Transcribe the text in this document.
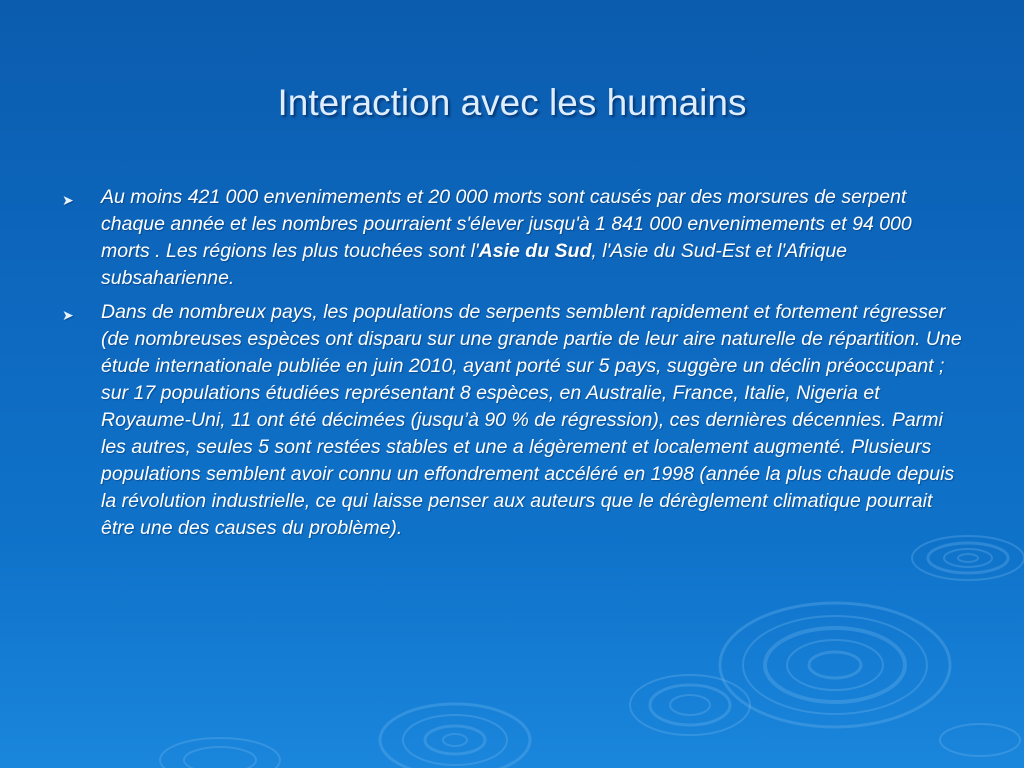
Interaction avec les humains
➤ Au moins 421 000 envenimements et 20 000 morts sont causés par des morsures de serpent chaque année et les nombres pourraient s'élever jusqu'à 1 841 000 envenimements et 94 000 morts . Les régions les plus touchées sont l'Asie du Sud, l'Asie du Sud-Est et l'Afrique subsaharienne.
➤ Dans de nombreux pays, les populations de serpents semblent rapidement et fortement régresser (de nombreuses espèces ont disparu sur une grande partie de leur aire naturelle de répartition. Une étude internationale publiée en juin 2010, ayant porté sur 5 pays, suggère un déclin préoccupant ; sur 17 populations étudiées représentant 8 espèces, en Australie, France, Italie, Nigeria et Royaume-Uni, 11 ont été décimées (jusqu’à 90 % de régression), ces dernières décennies. Parmi les autres, seules 5 sont restées stables et une a légèrement et localement augmenté. Plusieurs populations semblent avoir connu un effondrement accéléré en 1998 (année la plus chaude depuis la révolution industrielle, ce qui laisse penser aux auteurs que le dérèglement climatique pourrait être une des causes du problème).
